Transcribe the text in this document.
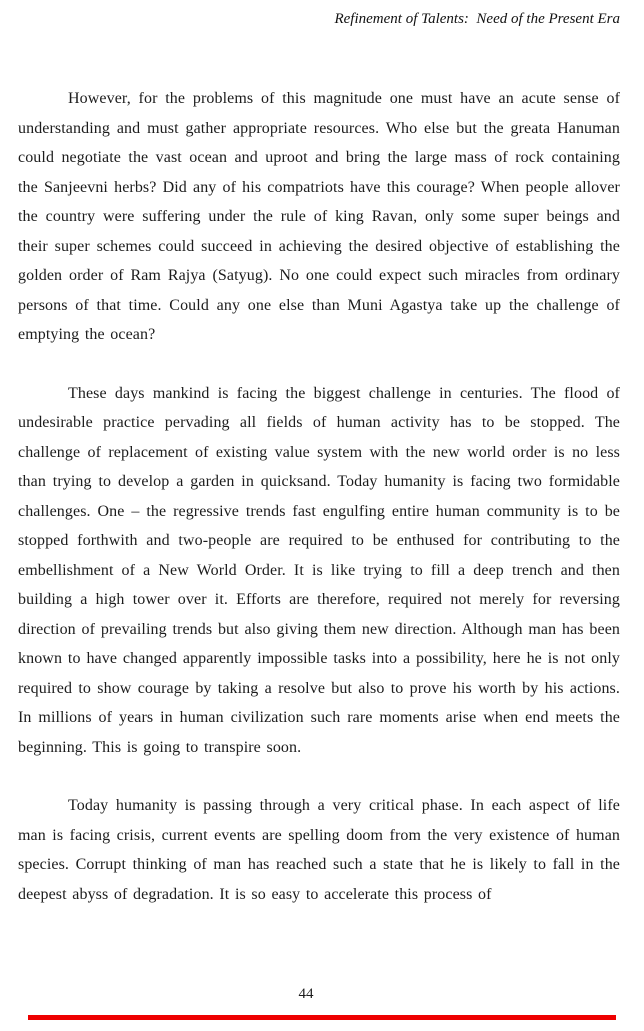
Refinement of Talents:  Need of the Present Era

However, for the problems of this magnitude one must have an acute sense of understanding and must gather appropriate resources. Who else but the greata Hanuman could negotiate the vast ocean and uproot and bring the large mass of rock containing the Sanjeevni herbs? Did any of his compatriots have this courage? When people allover the country were suffering under the rule of king Ravan, only some super beings and their super schemes could succeed in achieving the desired objective of establishing the golden order of Ram Rajya (Satyug). No one could expect such miracles from ordinary persons of that time. Could any one else than Muni Agastya take up the challenge of emptying the ocean?

These days mankind is facing the biggest challenge in centuries. The flood of undesirable practice pervading all fields of human activity has to be stopped. The challenge of replacement of existing value system with the new world order is no less than trying to develop a garden in quicksand. Today humanity is facing two formidable challenges. One – the regressive trends fast engulfing entire human community is to be stopped forthwith and two-people are required to be enthused for contributing to the embellishment of a New World Order. It is like trying to fill a deep trench and then building a high tower over it. Efforts are therefore, required not merely for reversing direction of prevailing trends but also giving them new direction. Although man has been known to have changed apparently impossible tasks into a possibility, here he is not only required to show courage by taking a resolve but also to prove his worth by his actions. In millions of years in human civilization such rare moments arise when end meets the beginning. This is going to transpire soon.

Today humanity is passing through a very critical phase. In each aspect of life man is facing crisis, current events are spelling doom from the very existence of human species. Corrupt thinking of man has reached such a state that he is likely to fall in the deepest abyss of degradation. It is so easy to accelerate this process of

44
